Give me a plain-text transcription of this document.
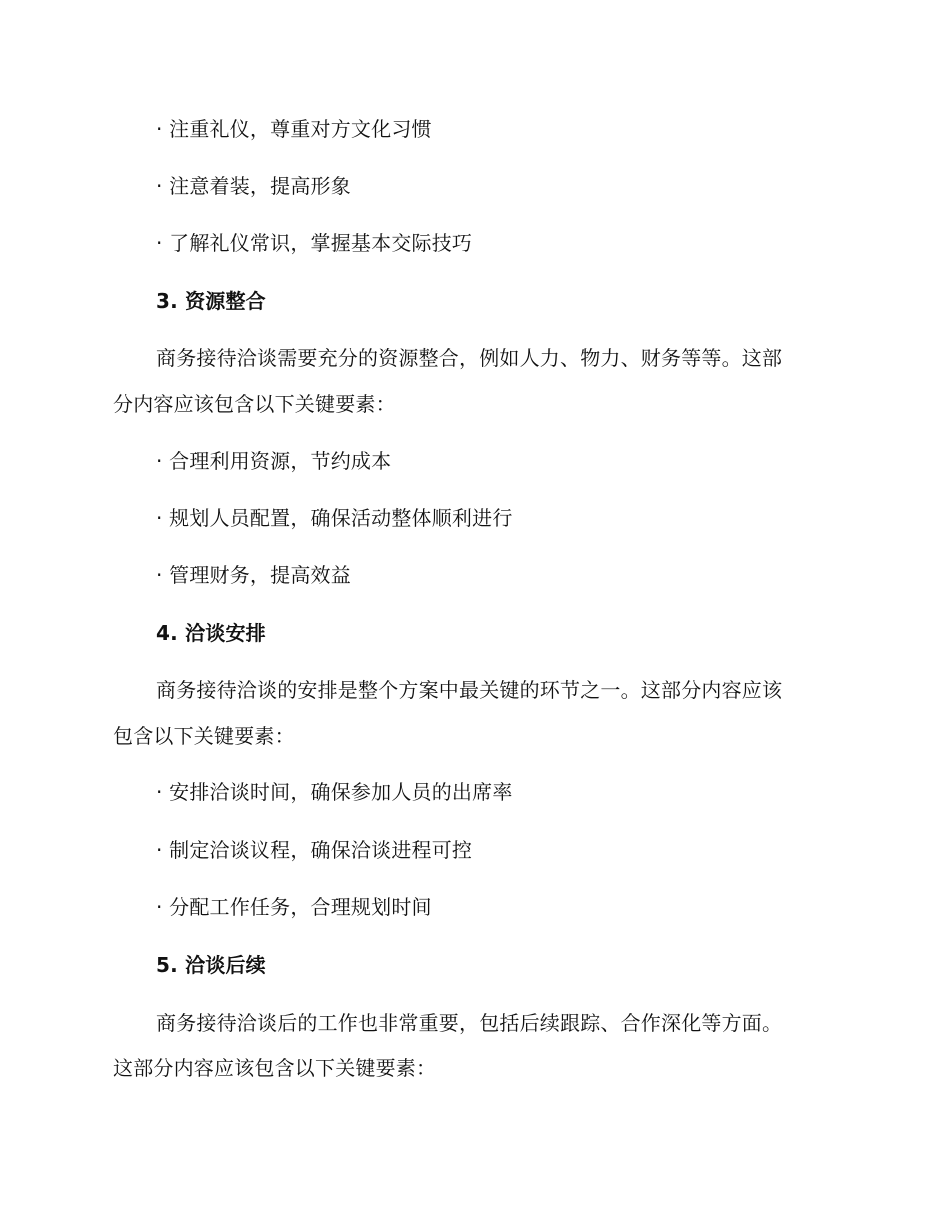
· 注重礼仪，尊重对方文化习惯
· 注意着装，提高形象
· 了解礼仪常识，掌握基本交际技巧
3. 资源整合
商务接待洽谈需要充分的资源整合，例如人力、物力、财务等等。这部
分内容应该包含以下关键要素：
· 合理利用资源，节约成本
· 规划人员配置，确保活动整体顺利进行
· 管理财务，提高效益
4. 洽谈安排
商务接待洽谈的安排是整个方案中最关键的环节之一。这部分内容应该
包含以下关键要素：
· 安排洽谈时间，确保参加人员的出席率
· 制定洽谈议程，确保洽谈进程可控
· 分配工作任务，合理规划时间
5. 洽谈后续
商务接待洽谈后的工作也非常重要，包括后续跟踪、合作深化等方面。
这部分内容应该包含以下关键要素：
